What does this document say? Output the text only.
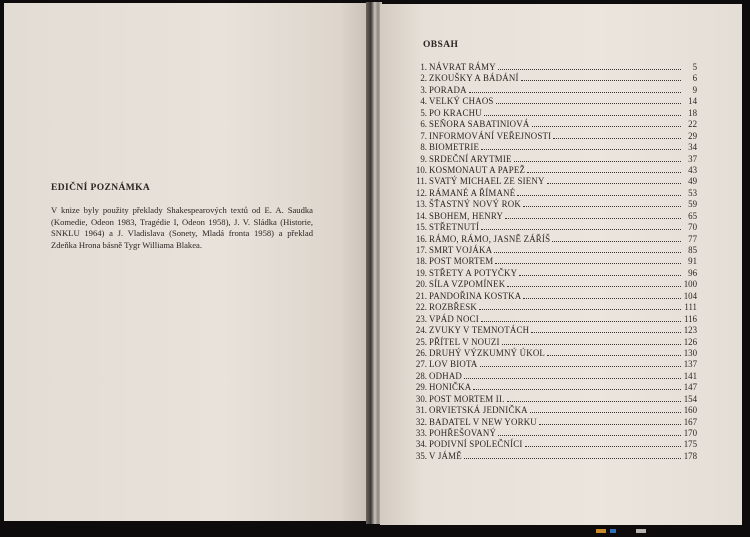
EDIČNÍ POZNÁMKA
V knize byly použity překlady Shakespearových textů od E. A. Saudka (Komedie, Odeon 1983, Tragédie I, Odeon 1958), J. V. Sládka (Historie, SNKLU 1964) a J. Vladislava (Sonety, Mladá fronta 1958) a překlad Zdeňka Hrona básně Tygr Williama Blakea.
OBSAH
1. NÁVRAT RÁMY	5
2. ZKOUŠKY A BÁDÁNÍ	6
3. PORADA	9
4. VELKÝ CHAOS	14
5. PO KRACHU	18
6. SEŇORA SABATINIOVÁ	22
7. INFORMOVÁNÍ VEŘEJNOSTI	29
8. BIOMETRIE	34
9. SRDEČNÍ ARYTMIE	37
10. KOSMONAUT A PAPEŽ	43
11. SVATÝ MICHAEL ZE SIENY	49
12. RÁMANÉ A ŘÍMANÉ	53
13. ŠŤASTNÝ NOVÝ ROK	59
14. SBOHEM, HENRY	65
15. STŘETNUTÍ	70
16. RÁMO, RÁMO, JASNĚ ZÁŘÍŠ	77
17. SMRT VOJÁKA	85
18. POST MORTEM	91
19. STŘETY A POTYČKY	96
20. SÍLA VZPOMÍNEK	100
21. PANDOŘINA KOSTKA	104
22. ROZBŘESK	111
23. VPÁD NOCI	116
24. ZVUKY V TEMNOTÁCH	123
25. PŘÍTEL V NOUZI	126
26. DRUHÝ VÝZKUMNÝ ÚKOL	130
27. LOV BIOTA	137
28. ODHAD	141
29. HONIČKA	147
30. POST MORTEM II.	154
31. ORVIETSKÁ JEDNIČKA	160
32. BADATEL V NEW YORKU	167
33. POHŘEŠOVANÝ	170
34. PODIVNÍ SPOLEČNÍCI	175
35. V JÁMĚ	178
